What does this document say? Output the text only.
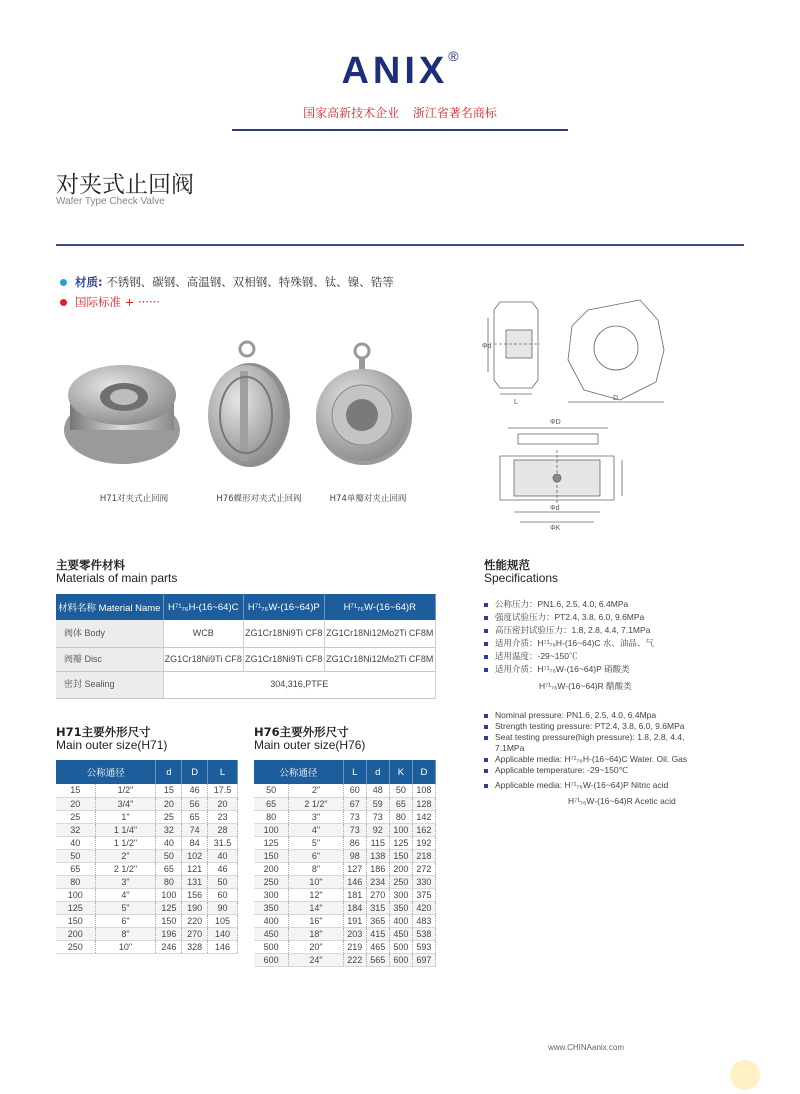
ANIX®
国家高新技术企业 浙江省著名商标
对夹式止回阀
Wafer Type Check Valve
材质: 不锈钢、碳钢、高温钢、双相钢、特殊钢、钛、镍、锆等
国际标准 + ······
H71对夹式止回阀	H76蝶形对夹式止回阀	H74单瓣对夹止回阀
Φd
L
D
ΦD
Φd
ΦK
主要零件材料
Materials of main parts
材料名称 Material Name	H⁷¹₇₆H-(16~64)C	H⁷¹₇₆W-(16~64)P	H⁷¹₇₆W-(16~64)R
阀体 Body	WCB	ZG1Cr18Ni9Ti CF8	ZG1Cr18Ni12Mo2Ti CF8M
阀瓣 Disc	ZG1Cr18Ni9Ti CF8	ZG1Cr18Ni9Ti CF8	ZG1Cr18Ni12Mo2Ti CF8M
密封 Sealing	304,316,PTFE		
性能规范
Specifications
公称压力：PN1.6, 2.5, 4.0, 6.4MPa
强度试验压力：PT2.4, 3.8, 6.0, 9.6MPa
高压密封试验压力：1.8, 2.8, 4.4, 7.1MPa
适用介质：H⁷¹₇₆H-(16~64)C 水、油品、气
适用温度：-29~150℃
适用介质：H⁷¹₇₆W-(16~64)P 硝酸类
H⁷¹₇₆W-(16~64)R 醋酸类
Nominal pressure: PN1.6, 2.5, 4.0, 6.4Mpa
Strength testing pressure: PT2.4, 3.8, 6.0, 9.6MPa
Seat testing pressure(high pressure): 1.8, 2.8, 4.4,
7.1MPa
Applicable media: H⁷¹₇₆H-(16~64)C Water. Oil. Gas
Applicable temperature: -29~150℃
Applicable media: H⁷¹₇₆W-(16~64)P Nitric acid
H⁷¹₇₆W-(16~64)R Acetic acid
H71主要外形尺寸
Main outer size(H71)
公称通径		d	D	L
15	1/2"	15	46	17.5
20	3/4"	20	56	20
25	1"	25	65	23
32	1 1/4"	32	74	28
40	1 1/2"	40	84	31.5
50	2"	50	102	40
65	2 1/2"	65	121	46
80	3"	80	131	50
100	4"	100	156	60
125	5"	125	190	90
150	6"	150	220	105
200	8"	196	270	140
250	10"	246	328	146
H76主要外形尺寸
Main outer size(H76)
公称通径		L	d	K	D
50	2"	60	48	50	108
65	2 1/2"	67	59	65	128
80	3"	73	73	80	142
100	4"	73	92	100	162
125	5"	86	115	125	192
150	6"	98	138	150	218
200	8"	127	186	200	272
250	10"	146	234	250	330
300	12"	181	270	300	375
350	14"	184	315	350	420
400	16"	191	365	400	483
450	18"	203	415	450	538
500	20"	219	465	500	593
600	24"	222	565	600	697
www.CHINAanix.com
